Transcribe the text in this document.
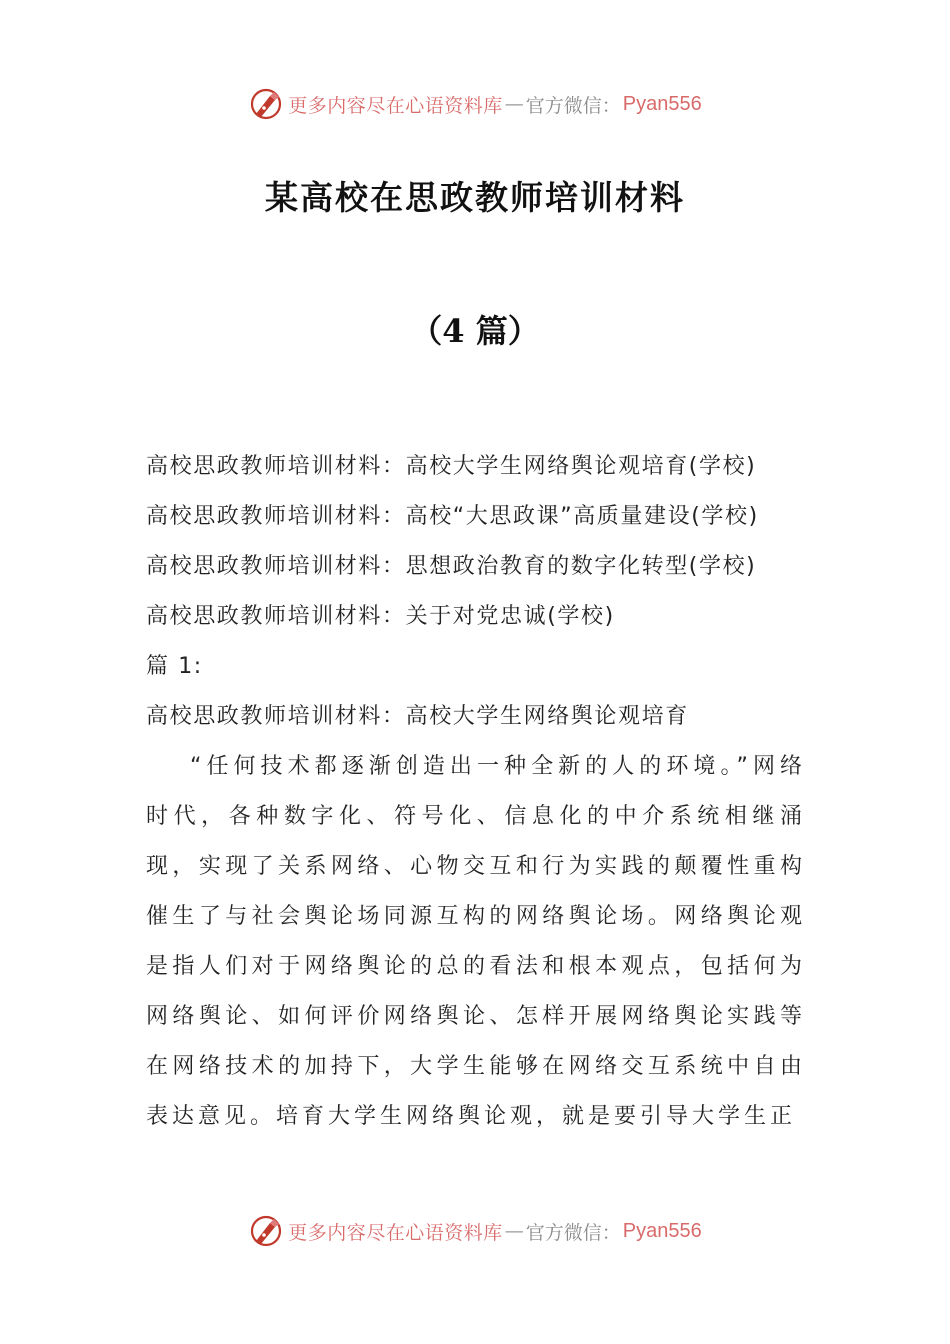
更多内容尽在心语资料库 — 官方微信： Pyan556
某高校在思政教师培训材料
（4 篇）

高校思政教师培训材料：高校大学生网络舆论观培育(学校)

高校思政教师培训材料：高校“大思政课”高质量建设(学校)

高校思政教师培训材料：思想政治教育的数字化转型(学校)

高校思政教师培训材料：关于对党忠诚(学校)

篇 1:

高校思政教师培训材料：高校大学生网络舆论观培育

“任何技术都逐渐创造出一种全新的人的环境。”网络时代，各种数字化、符号化、信息化的中介系统相继涌现，实现了关系网络、心物交互和行为实践的颠覆性重构催生了与社会舆论场同源互构的网络舆论场。网络舆论观是指人们对于网络舆论的总的看法和根本观点，包括何为网络舆论、如何评价网络舆论、怎样开展网络舆论实践等在网络技术的加持下，大学生能够在网络交互系统中自由表达意见。培育大学生网络舆论观，就是要引导大学生正

更多内容尽在心语资料库 — 官方微信： Pyan556
